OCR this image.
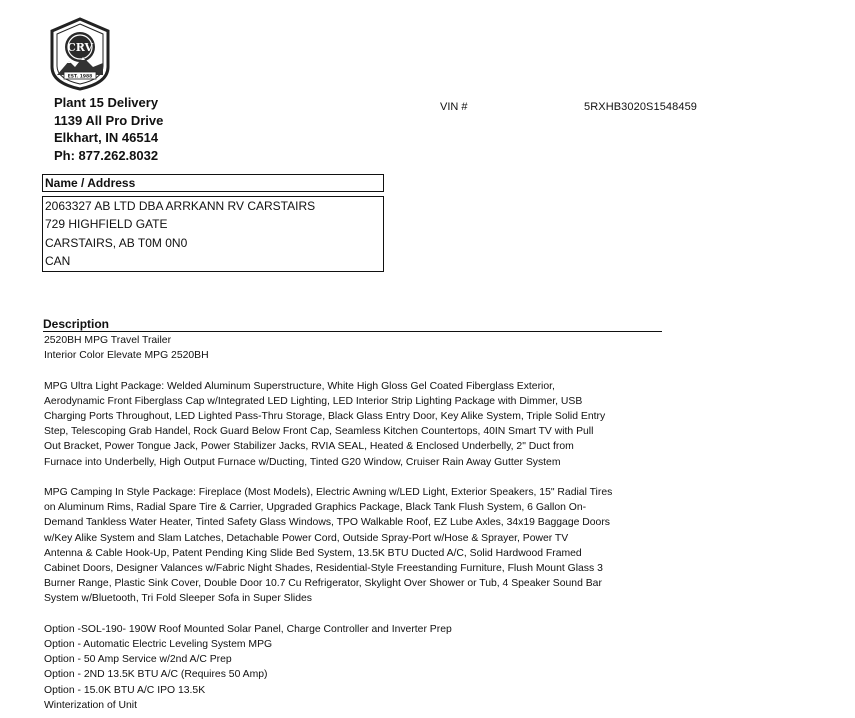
CRV
EST. 1988
Plant 15 Delivery
1139 All Pro Drive
Elkhart, IN 46514
Ph: 877.262.8032
VIN #	5RXHB3020S1548459
Name / Address
2063327 AB LTD DBA ARRKANN RV CARSTAIRS
729 HIGHFIELD GATE
CARSTAIRS, AB T0M 0N0
CAN
Description
2520BH MPG Travel Trailer
Interior Color Elevate MPG 2520BH
MPG Ultra Light Package: Welded Aluminum Superstructure, White High Gloss Gel Coated Fiberglass Exterior,
Aerodynamic Front Fiberglass Cap w/Integrated LED Lighting, LED Interior Strip Lighting Package with Dimmer, USB
Charging Ports Throughout, LED Lighted Pass-Thru Storage, Black Glass Entry Door, Key Alike System, Triple Solid Entry
Step, Telescoping Grab Handel, Rock Guard Below Front Cap, Seamless Kitchen Countertops, 40IN Smart TV with Pull
Out Bracket, Power Tongue Jack, Power Stabilizer Jacks, RVIA SEAL, Heated & Enclosed Underbelly, 2" Duct from
Furnace into Underbelly, High Output Furnace w/Ducting, Tinted G20 Window, Cruiser Rain Away Gutter System
MPG Camping In Style Package: Fireplace (Most Models), Electric Awning w/LED Light, Exterior Speakers, 15" Radial Tires
on Aluminum Rims, Radial Spare Tire & Carrier, Upgraded Graphics Package, Black Tank Flush System, 6 Gallon On-
Demand Tankless Water Heater, Tinted Safety Glass Windows, TPO Walkable Roof, EZ Lube Axles, 34x19 Baggage Doors
w/Key Alike System and Slam Latches, Detachable Power Cord, Outside Spray-Port w/Hose & Sprayer, Power TV
Antenna & Cable Hook-Up, Patent Pending King Slide Bed System, 13.5K BTU Ducted A/C, Solid Hardwood Framed
Cabinet Doors, Designer Valances w/Fabric Night Shades, Residential-Style Freestanding Furniture, Flush Mount Glass 3
Burner Range, Plastic Sink Cover, Double Door 10.7 Cu Refrigerator, Skylight Over Shower or Tub, 4 Speaker Sound Bar
System w/Bluetooth, Tri Fold Sleeper Sofa in Super Slides
Option -SOL-190- 190W Roof Mounted Solar Panel, Charge Controller and Inverter Prep
Option - Automatic Electric Leveling System MPG
Option - 50 Amp Service w/2nd A/C Prep
Option - 2ND 13.5K BTU A/C (Requires 50 Amp)
Option - 15.0K BTU A/C IPO 13.5K
Winterization of Unit
